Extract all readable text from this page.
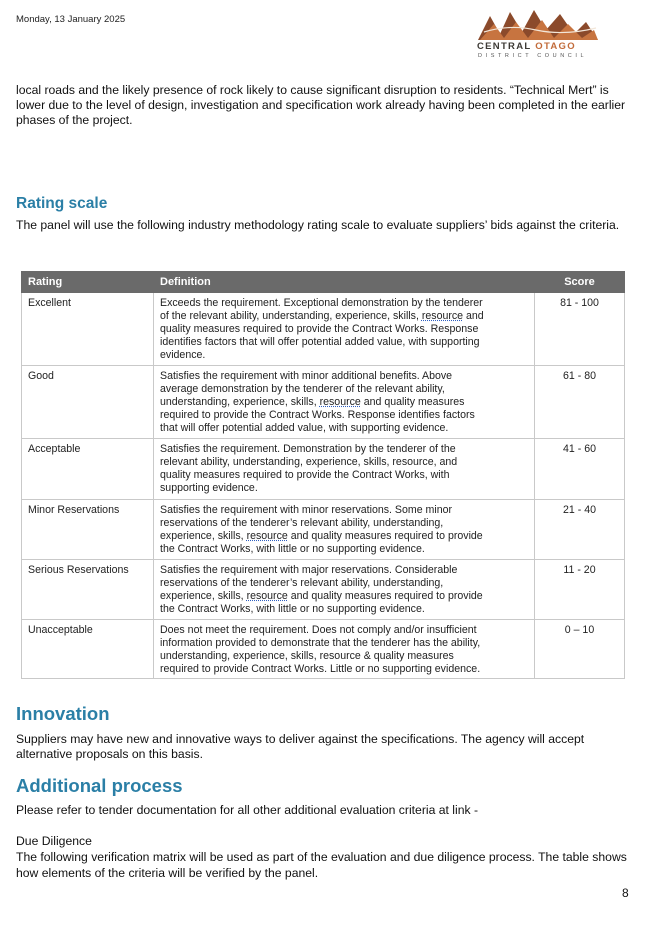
Monday, 13 January 2025
CENTRAL OTAGO
DISTRICT COUNCIL
local roads and the likely presence of rock likely to cause significant disruption to residents. “Technical Mert” is lower due to the level of design, investigation and specification work already having been completed in the earlier phases of the project.
Rating scale
The panel will use the following industry methodology rating scale to evaluate suppliers’ bids against the criteria.
Rating	Definition	Score
Excellent	Exceeds the requirement. Exceptional demonstration by the tenderer
of the relevant ability, understanding, experience, skills, resource and
quality measures required to provide the Contract Works. Response
identifies factors that will offer potential added value, with supporting
evidence.	81 - 100
Good	Satisfies the requirement with minor additional benefits. Above
average demonstration by the tenderer of the relevant ability,
understanding, experience, skills, resource and quality measures
required to provide the Contract Works. Response identifies factors
that will offer potential added value, with supporting evidence.	61 - 80
Acceptable	Satisfies the requirement. Demonstration by the tenderer of the
relevant ability, understanding, experience, skills, resource, and
quality measures required to provide the Contract Works, with
supporting evidence.	41 - 60
Minor Reservations	Satisfies the requirement with minor reservations. Some minor
reservations of the tenderer’s relevant ability, understanding,
experience, skills, resource and quality measures required to provide
the Contract Works, with little or no supporting evidence.	21 - 40
Serious Reservations	Satisfies the requirement with major reservations. Considerable
reservations of the tenderer’s relevant ability, understanding,
experience, skills, resource and quality measures required to provide
the Contract Works, with little or no supporting evidence.	11 - 20
Unacceptable	Does not meet the requirement. Does not comply and/or insufficient
information provided to demonstrate that the tenderer has the ability,
understanding, experience, skills, resource & quality measures
required to provide Contract Works. Little or no supporting evidence.	0 – 10
Innovation
Suppliers may have new and innovative ways to deliver against the specifications. The agency will accept alternative proposals on this basis.
Additional process
Please refer to tender documentation for all other additional evaluation criteria at link -
Due Diligence
The following verification matrix will be used as part of the evaluation and due diligence process. The table shows how elements of the criteria will be verified by the panel.
8
